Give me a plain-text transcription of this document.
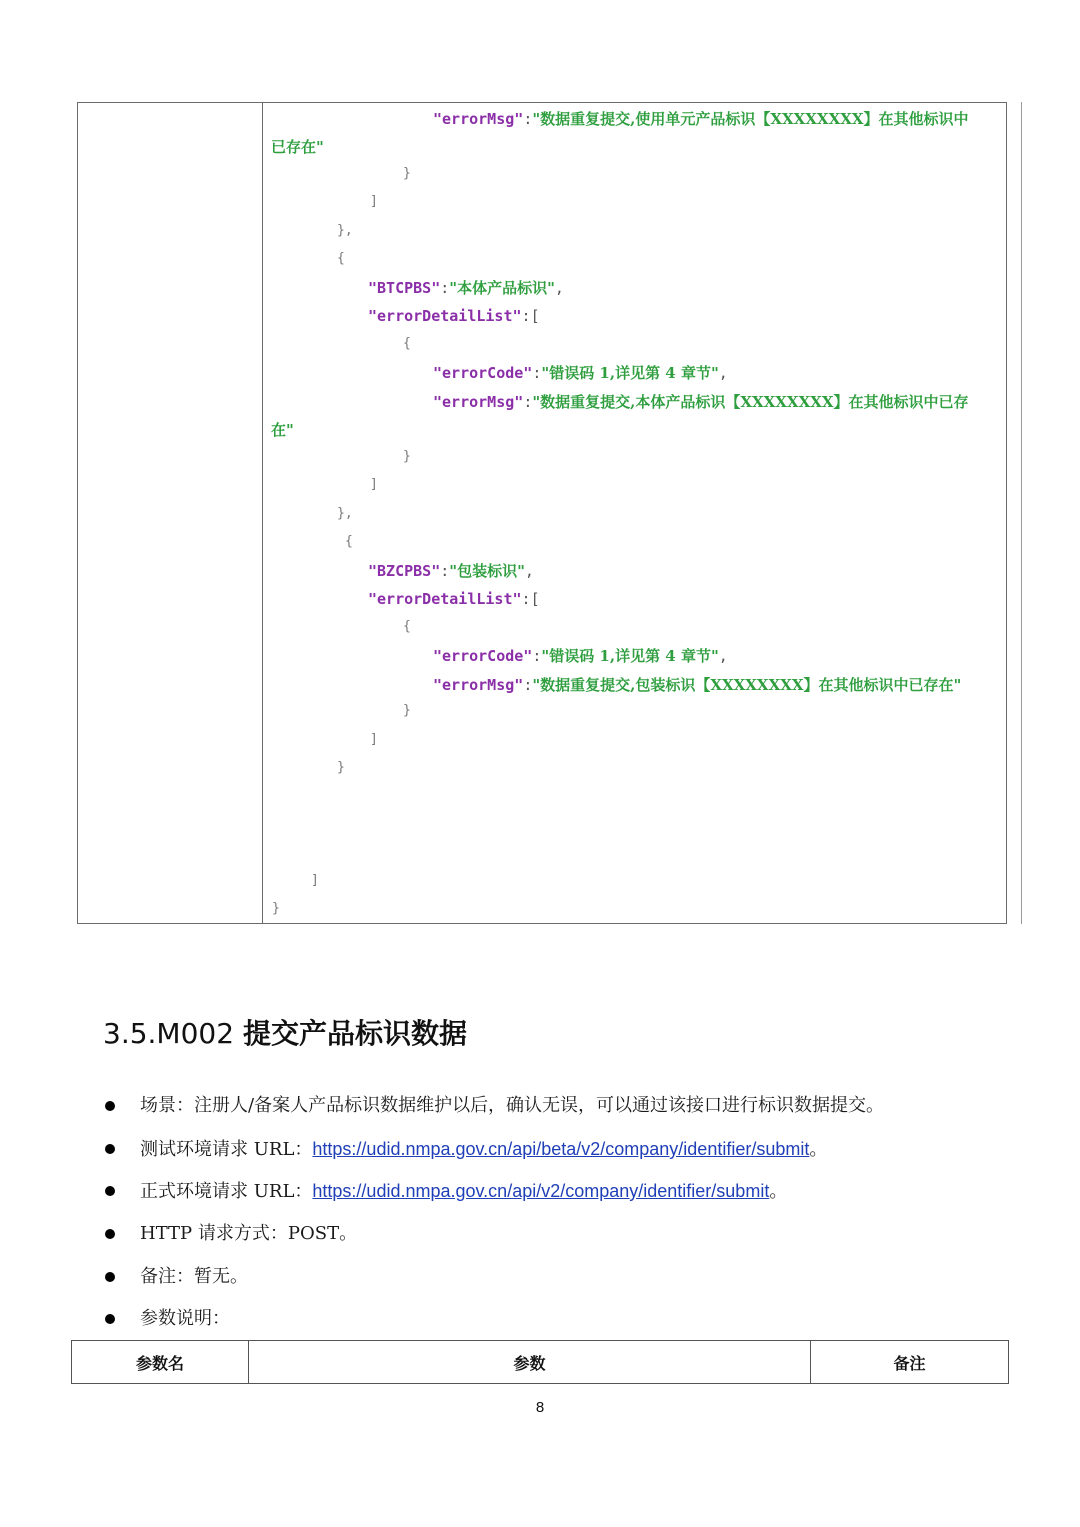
"errorMsg":"数据重复提交,使用单元产品标识【XXXXXXXX】在其他标识中
已存在"
}
]
},
{
"BTCPBS":"本体产品标识",
"errorDetailList":[
{
"errorCode":"错误码 1,详见第 4 章节",
"errorMsg":"数据重复提交,本体产品标识【XXXXXXXX】在其他标识中已存
在"
}
]
},
{
"BZCPBS":"包装标识",
"errorDetailList":[
{
"errorCode":"错误码 1,详见第 4 章节",
"errorMsg":"数据重复提交,包装标识【XXXXXXXX】在其他标识中已存在"
}
]
}
]
}
3.5.M002 提交产品标识数据
场景：注册人/备案人产品标识数据维护以后，确认无误，可以通过该接口进行标识数据提交。
测试环境请求 URL：https://udid.nmpa.gov.cn/api/beta/v2/company/identifier/submit。
正式环境请求 URL：https://udid.nmpa.gov.cn/api/v2/company/identifier/submit。
HTTP 请求方式：POST。
备注：暂无。
参数说明：
参数名	参数	备注
8
